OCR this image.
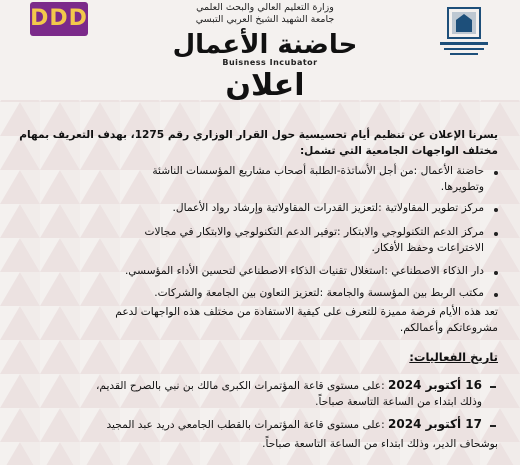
DDD	وزارة التعليم العالي والبحث العلمي
جامعة الشهيد الشيخ العربي التبسي
حاضنة الأعمال
Buisness Incubator
اعلان
يسرنا الإعلان عن تنظيم أيام تحسيسية حول القرار الوزاري رقم 1275، بهدف التعريف بمهام
مختلف الواجهات الجامعية التي تشمل:
حاضنة الأعمال :من أجل الأساتذة-الطلبة أصحاب مشاريع المؤسسات الناشئة
وتطويرها.
مركز تطوير المقاولاتية :لتعزيز القدرات المقاولاتية وإرشاد رواد الأعمال.
مركز الدعم التكنولوجي والابتكار :توفير الدعم التكنولوجي والابتكار في مجالات
الاختراعات وحفظ الأفكار.
دار الذكاء الاصطناعي :استغلال تقنيات الذكاء الاصطناعي لتحسين الأداء المؤسسي.
مكتب الربط بين المؤسسة والجامعة :لتعزيز التعاون بين الجامعة والشركات.
تعد هذه الأيام فرصة مميزة للتعرف على كيفية الاستفادة من مختلف هذه الواجهات لدعم
مشروعاتكم وأعمالكم.
تاريخ الفعاليات:
16 أكتوبر 2024 :على مستوى قاعة المؤتمرات الكبرى مالك بن نبي بالصرح القديم،
وذلك ابتداء من الساعة التاسعة صباحاً.
17 أكتوبر 2024 :على مستوى قاعة المؤتمرات بالقطب الجامعي دريد عبد المجيد
بوشحاف الدير، وذلك ابتداء من الساعة التاسعة صباحاً.
